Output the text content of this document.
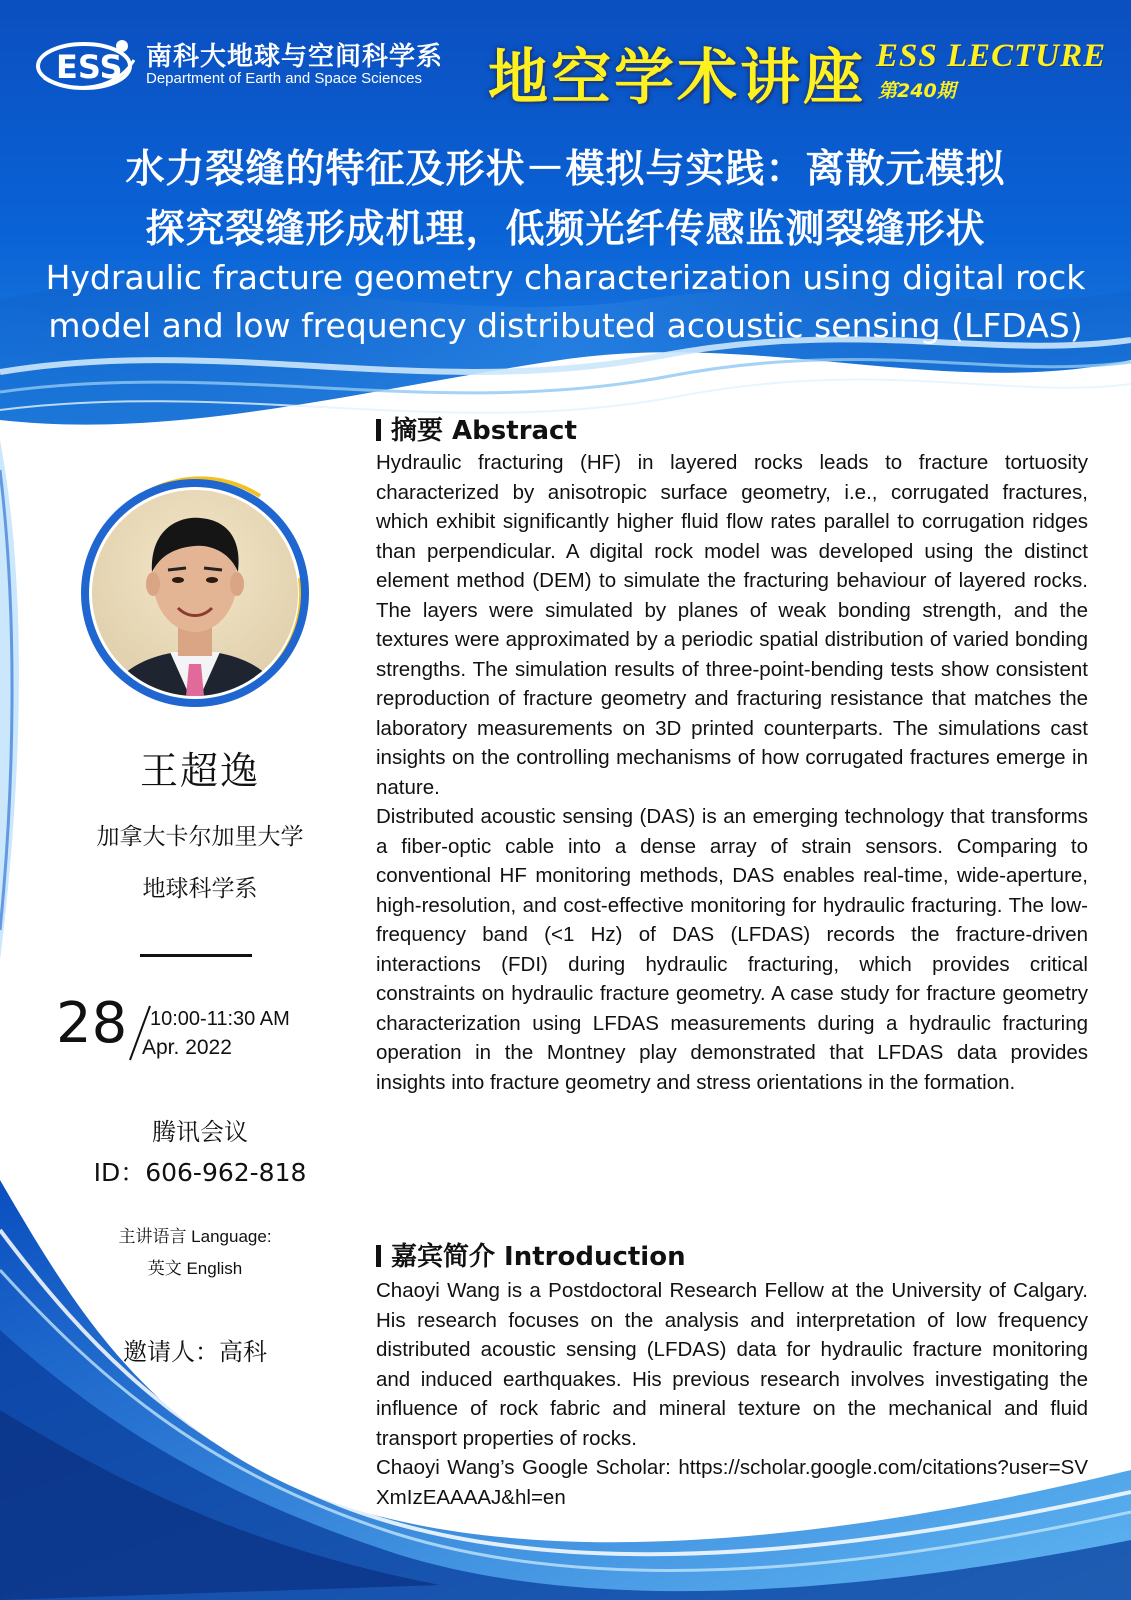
ESS 南科大地球与空间科学系
Department of Earth and Space Sciences 地空学术讲座 ESS LECTURE
第240期
水力裂缝的特征及形状－模拟与实践：离散元模拟
探究裂缝形成机理，低频光纤传感监测裂缝形状
Hydraulic fracture geometry characterization using digital rock
model and low frequency distributed acoustic sensing (LFDAS)
王超逸
加拿大卡尔加里大学
地球科学系
28 10:00-11:30 AM
Apr. 2022
腾讯会议
ID：606-962-818
主讲语言 Language:
英文 English
邀请人：高科
摘要 Abstract

Hydraulic fracturing (HF) in layered rocks leads to fracture tortuosity characterized by anisotropic surface geometry, i.e., corrugated fractures, which exhibit significantly higher fluid flow rates parallel to corrugation ridges than perpendicular. A digital rock model was developed using the distinct element method (DEM) to simulate the fracturing behaviour of layered rocks. The layers were simulated by planes of weak bonding strength, and the textures were approximated by a periodic spatial distribution of varied bonding strengths. The simulation results of three-point-bending tests show consistent reproduction of fracture geometry and fracturing resistance that matches the laboratory measurements on 3D printed counterparts. The simulations cast insights on the controlling mechanisms of how corrugated fractures emerge in nature.

Distributed acoustic sensing (DAS) is an emerging technology that transforms a fiber-optic cable into a dense array of strain sensors. Comparing to conventional HF monitoring methods, DAS enables real-time, wide-aperture, high-resolution, and cost-effective monitoring for hydraulic fracturing. The low-frequency band (<1 Hz) of DAS (LFDAS) records the fracture-driven interactions (FDI) during hydraulic fracturing, which provides critical constraints on hydraulic fracture geometry. A case study for fracture geometry characterization using LFDAS measurements during a hydraulic fracturing operation in the Montney play demonstrated that LFDAS data provides insights into fracture geometry and stress orientations in the formation.

嘉宾简介 Introduction

Chaoyi Wang is a Postdoctoral Research Fellow at the University of Calgary. His research focuses on the analysis and interpretation of low frequency distributed acoustic sensing (LFDAS) data for hydraulic fracture monitoring and induced earthquakes. His previous research involves investigating the influence of rock fabric and mineral texture on the mechanical and fluid transport properties of rocks.

Chaoyi Wang’s Google Scholar: https://scholar.google.com/citations?user=SVXmIzEAAAAJ&hl=en
